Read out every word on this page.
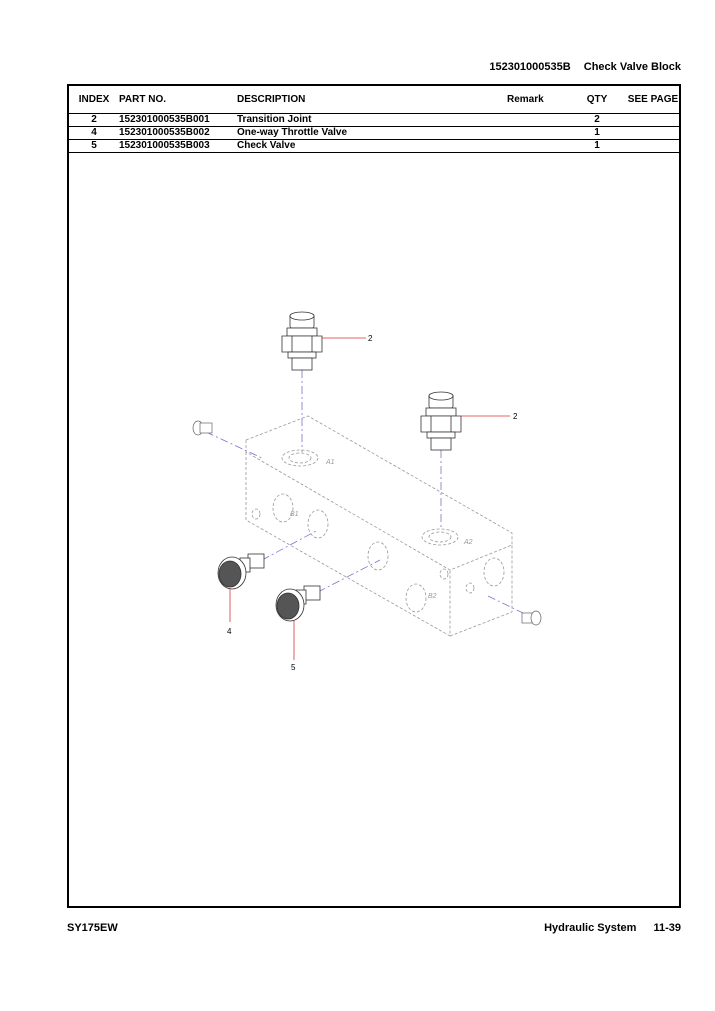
152301000535B Check Valve Block
INDEX	PART NO.	DESCRIPTION	Remark	QTY	SEE PAGE
2	152301000535B001	Transition Joint		2	
4	152301000535B002	One-way Throttle Valve		1	
5	152301000535B003	Check Valve		1	
A1
B1
A2
B2
2
2
4
5
SY175EW	Hydraulic System 11-39
